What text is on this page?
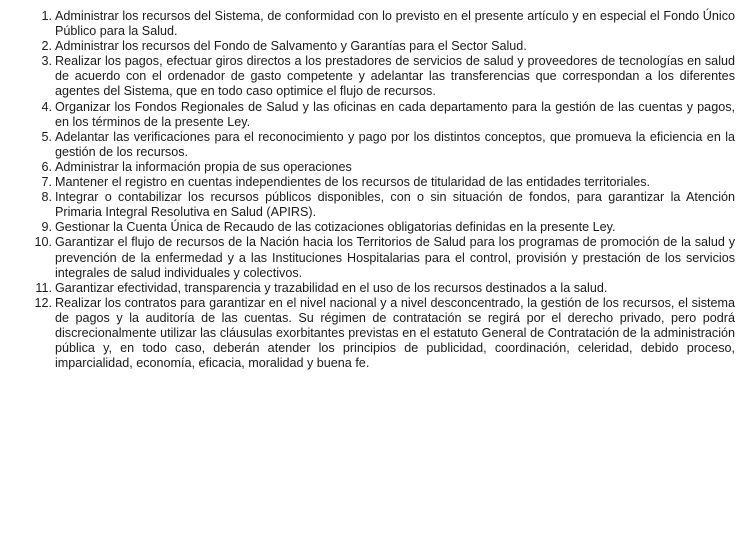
1. Administrar los recursos del Sistema, de conformidad con lo previsto en el presente artículo y en especial el Fondo Único Público para la Salud.
2. Administrar los recursos del Fondo de Salvamento y Garantías para el Sector Salud.
3. Realizar los pagos, efectuar giros directos a los prestadores de servicios de salud y proveedores de tecnologías en salud de acuerdo con el ordenador de gasto competente y adelantar las transferencias que correspondan a los diferentes agentes del Sistema, que en todo caso optimice el flujo de recursos.
4. Organizar los Fondos Regionales de Salud y las oficinas en cada departamento para la gestión de las cuentas y pagos, en los términos de la presente Ley.
5. Adelantar las verificaciones para el reconocimiento y pago por los distintos conceptos, que promueva la eficiencia en la gestión de los recursos.
6. Administrar la información propia de sus operaciones
7. Mantener el registro en cuentas independientes de los recursos de titularidad de las entidades territoriales.
8. Integrar o contabilizar los recursos públicos disponibles, con o sin situación de fondos, para garantizar la Atención Primaria Integral Resolutiva en Salud (APIRS).
9. Gestionar la Cuenta Única de Recaudo de las cotizaciones obligatorias definidas en la presente Ley.
10. Garantizar el flujo de recursos de la Nación hacia los Territorios de Salud para los programas de promoción de la salud y prevención de la enfermedad y a las Instituciones Hospitalarias para el control, provisión y prestación de los servicios integrales de salud individuales y colectivos.
11. Garantizar efectividad, transparencia y trazabilidad en el uso de los recursos destinados a la salud.
12. Realizar los contratos para garantizar en el nivel nacional y a nivel desconcentrado, la gestión de los recursos, el sistema de pagos y la auditoría de las cuentas. Su régimen de contratación se regirá por el derecho privado, pero podrá discrecionalmente utilizar las cláusulas exorbitantes previstas en el estatuto General de Contratación de la administración pública y, en todo caso, deberán atender los principios de publicidad, coordinación, celeridad, debido proceso, imparcialidad, economía, eficacia, moralidad y buena fe.
